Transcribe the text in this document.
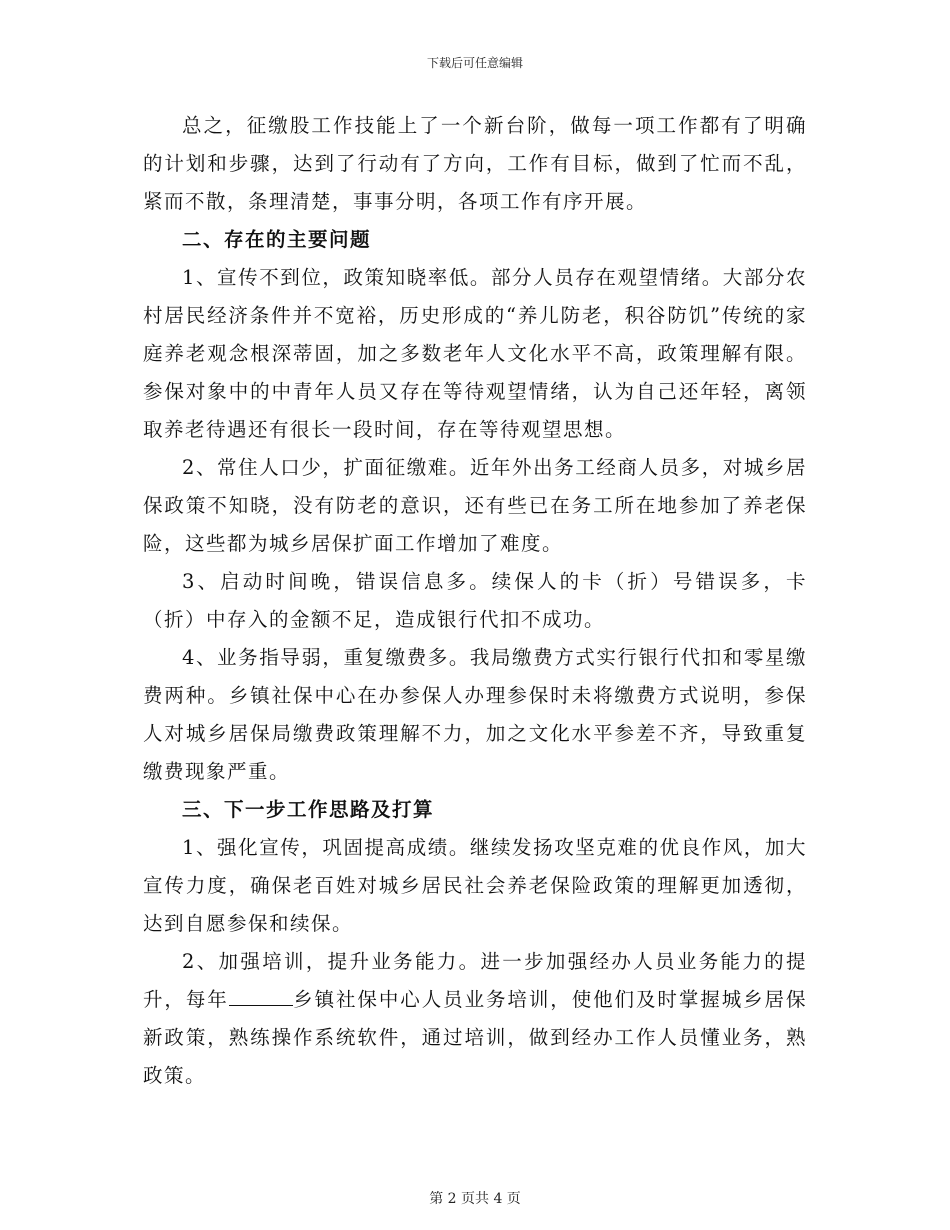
下载后可任意编辑

总之，征缴股工作技能上了一个新台阶，做每一项工作都有了明确的计划和步骤，达到了行动有了方向，工作有目标，做到了忙而不乱，紧而不散，条理清楚，事事分明，各项工作有序开展。

二、存在的主要问题

1、宣传不到位，政策知晓率低。部分人员存在观望情绪。大部分农村居民经济条件并不宽裕，历史形成的“养儿防老，积谷防饥”传统的家庭养老观念根深蒂固，加之多数老年人文化水平不高，政策理解有限。参保对象中的中青年人员又存在等待观望情绪，认为自己还年轻，离领取养老待遇还有很长一段时间，存在等待观望思想。

2、常住人口少，扩面征缴难。近年外出务工经商人员多，对城乡居保政策不知晓，没有防老的意识，还有些已在务工所在地参加了养老保险，这些都为城乡居保扩面工作增加了难度。

3、启动时间晚，错误信息多。续保人的卡（折）号错误多，卡（折）中存入的金额不足，造成银行代扣不成功。

4、业务指导弱，重复缴费多。我局缴费方式实行银行代扣和零星缴费两种。乡镇社保中心在办参保人办理参保时未将缴费方式说明，参保人对城乡居保局缴费政策理解不力，加之文化水平参差不齐，导致重复缴费现象严重。

三、下一步工作思路及打算

1、强化宣传，巩固提高成绩。继续发扬攻坚克难的优良作风，加大宣传力度，确保老百姓对城乡居民社会养老保险政策的理解更加透彻，达到自愿参保和续保。

2、加强培训，提升业务能力。进一步加强经办人员业务能力的提升，每年	乡镇社保中心人员业务培训，使他们及时掌握城乡居保新政策，熟练操作系统软件，通过培训，做到经办工作人员懂业务，熟政策。

第 2 页共 4 页
